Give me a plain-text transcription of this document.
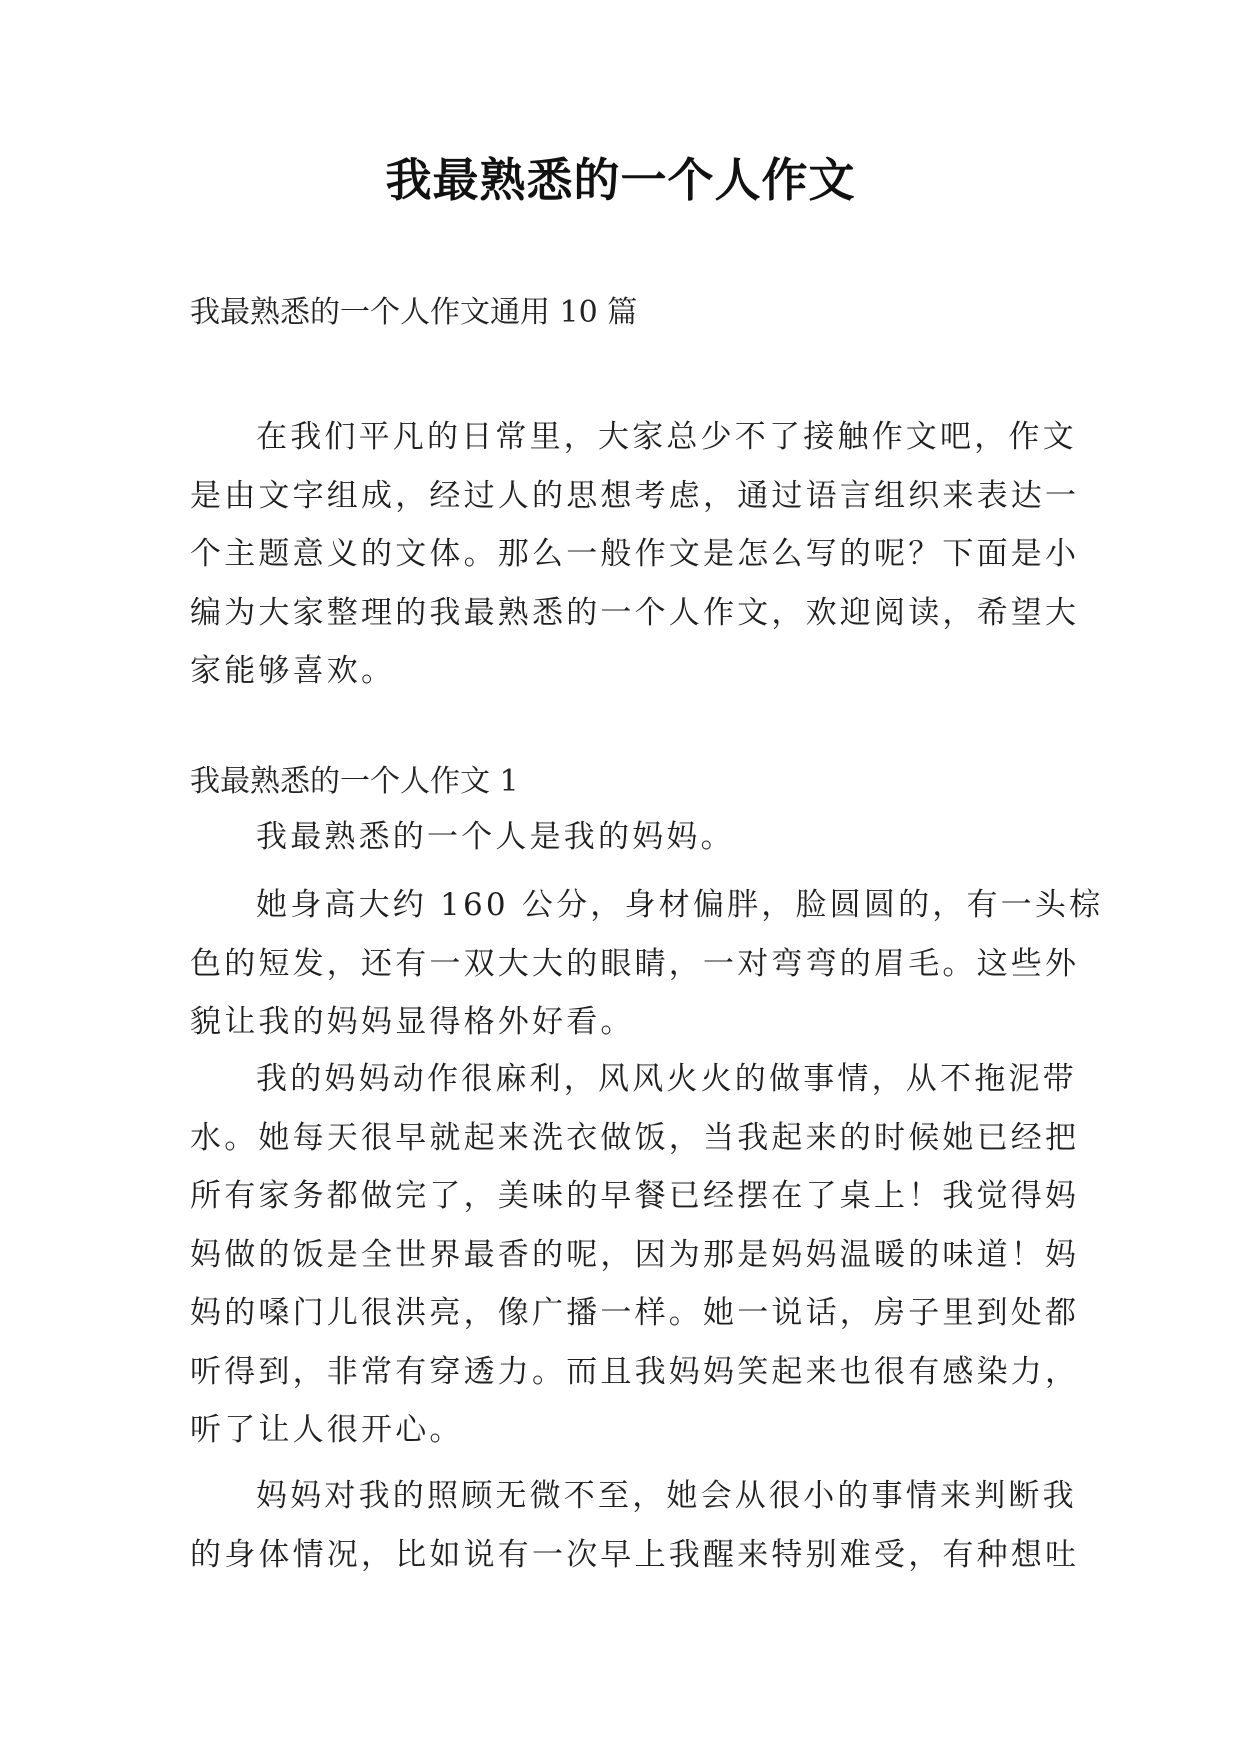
我最熟悉的一个人作文
我最熟悉的一个人作文通用 10 篇
在我们平凡的日常里，大家总少不了接触作文吧，作文
是由文字组成，经过人的思想考虑，通过语言组织来表达一
个主题意义的文体。那么一般作文是怎么写的呢？下面是小
编为大家整理的我最熟悉的一个人作文，欢迎阅读，希望大
家能够喜欢。
我最熟悉的一个人作文 1
我最熟悉的一个人是我的妈妈。
她身高大约 160 公分，身材偏胖，脸圆圆的，有一头棕
色的短发，还有一双大大的眼睛，一对弯弯的眉毛。这些外
貌让我的妈妈显得格外好看。
我的妈妈动作很麻利，风风火火的做事情，从不拖泥带
水。她每天很早就起来洗衣做饭，当我起来的时候她已经把
所有家务都做完了，美味的早餐已经摆在了桌上！我觉得妈
妈做的饭是全世界最香的呢，因为那是妈妈温暖的味道！妈
妈的嗓门儿很洪亮，像广播一样。她一说话，房子里到处都
听得到，非常有穿透力。而且我妈妈笑起来也很有感染力，
听了让人很开心。
妈妈对我的照顾无微不至，她会从很小的事情来判断我
的身体情况，比如说有一次早上我醒来特别难受，有种想吐
